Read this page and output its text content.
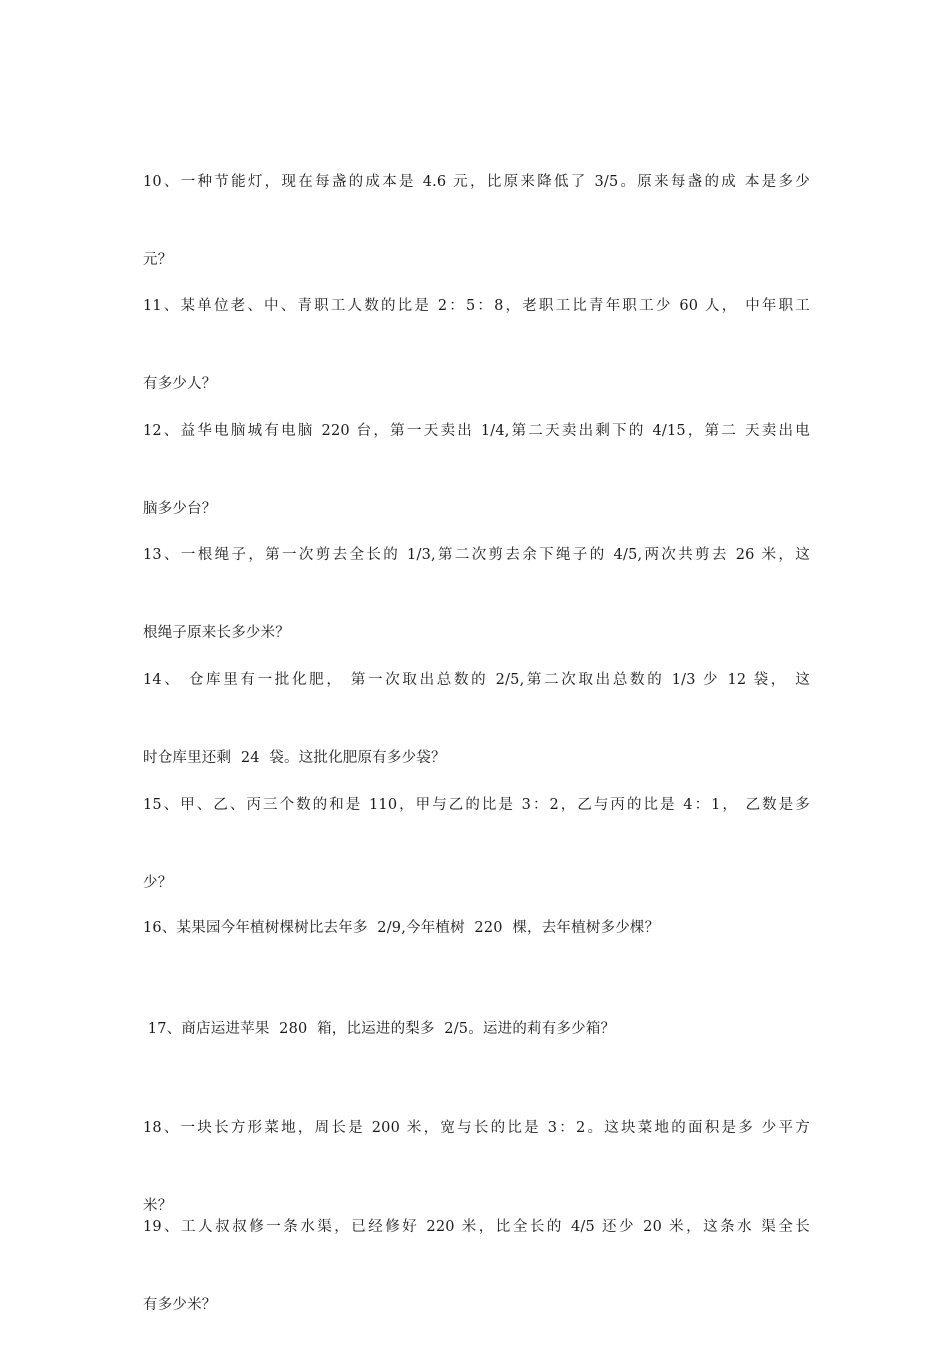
10、一种节能灯，现在每盏的成本是 4.6 元，比原来降低了 3/5。原来每盏的成 本是多少

元？

11、某单位老、中、青职工人数的比是 2：5：8，老职工比青年职工少 60 人， 中年职工

有多少人？

12、益华电脑城有电脑 220 台，第一天卖出 1/4,第二天卖出剩下的 4/15，第二 天卖出电

脑多少台？

13、一根绳子，第一次剪去全长的 1/3,第二次剪去余下绳子的 4/5,两次共剪去 26 米，这

根绳子原来长多少米？

14、 仓库里有一批化肥， 第一次取出总数的 2/5,第二次取出总数的 1/3 少 12 袋， 这

时仓库里还剩  24  袋。这批化肥原有多少袋？

15、甲、乙、丙三个数的和是 110，甲与乙的比是 3：2，乙与丙的比是 4：1， 乙数是多

少？

16、某果园今年植树棵树比去年多  2/9,今年植树  220  棵，去年植树多少棵？

17、商店运进苹果  280  箱，比运进的梨多  2/5。运进的莉有多少箱？

18、一块长方形菜地，周长是 200 米，宽与长的比是 3：2。这块菜地的面积是多 少平方

米？

19、工人叔叔修一条水渠，已经修好 220 米，比全长的 4/5 还少 20 米，这条水 渠全长

有多少米？
